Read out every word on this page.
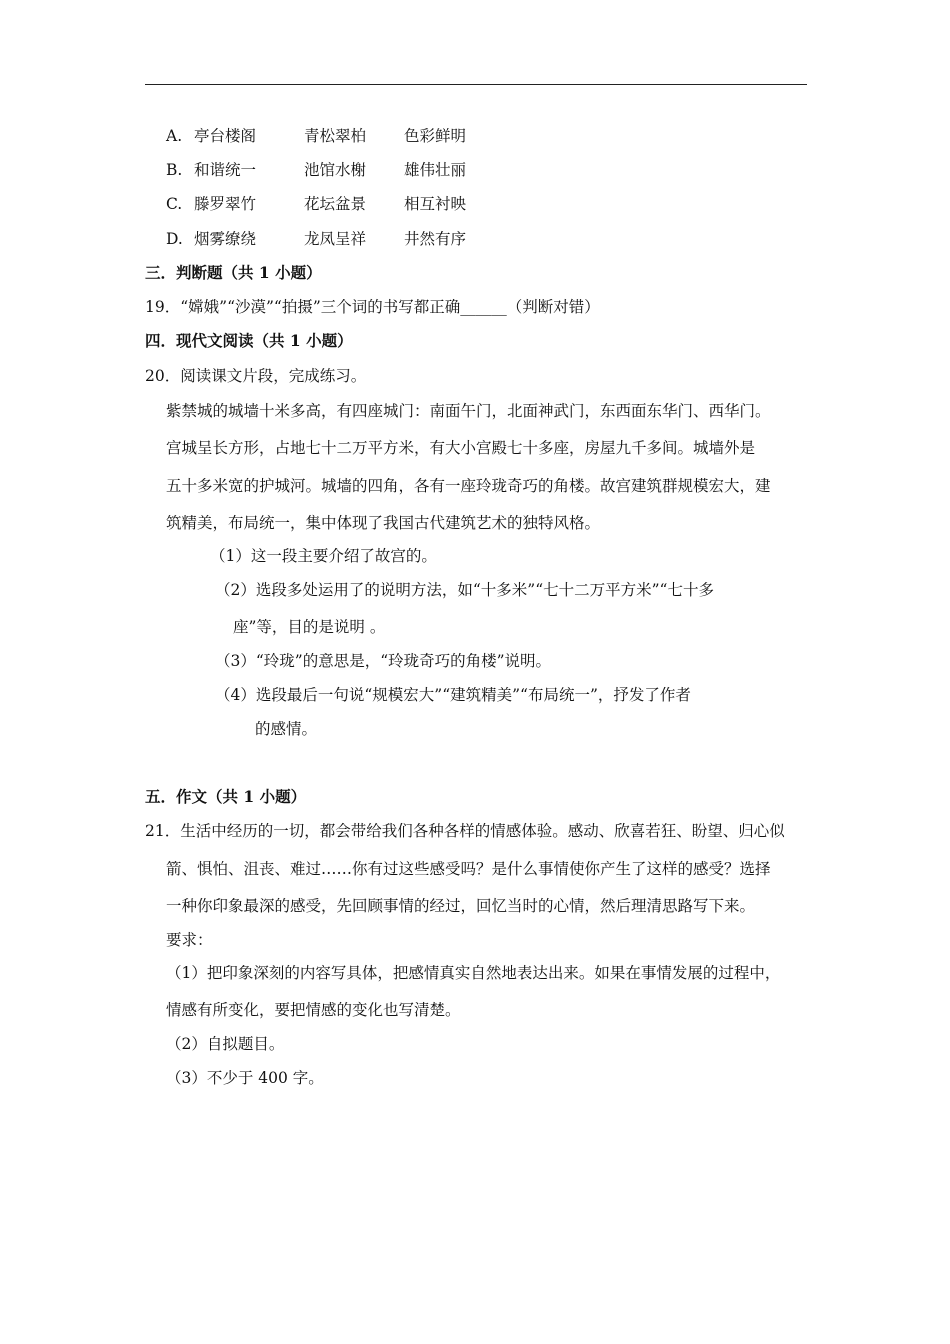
A. 亭台楼阁	青松翠柏 色彩鲜明
B. 和谐统一	池馆水榭 雄伟壮丽
C. 滕罗翠竹	花坛盆景 相互衬映
D. 烟雾缭绕	龙凤呈祥 井然有序
三．判断题（共 1 小题）
19．“嫦娥”“沙漠”“拍摄”三个词的书写都正确______（判断对错）
四．现代文阅读（共 1 小题）
20．阅读课文片段，完成练习。
紫禁城的城墙十米多高，有四座城门：南面午门，北面神武门，东西面东华门、西华门。
宫城呈长方形，占地七十二万平方米，有大小宫殿七十多座，房屋九千多间。城墙外是
五十多米宽的护城河。城墙的四角，各有一座玲珑奇巧的角楼。故宫建筑群规模宏大，建
筑精美，布局统一，集中体现了我国古代建筑艺术的独特风格。
（1）这一段主要介绍了故宫的。
（2）选段多处运用了的说明方法，如“十多米”“七十二万平方米”“七十多
座”等，目的是说明 。
（3）“玲珑”的意思是，“玲珑奇巧的角楼”说明。
（4）选段最后一句说“规模宏大”“建筑精美”“布局统一”，抒发了作者
的感情。
五．作文（共 1 小题）
21．生活中经历的一切，都会带给我们各种各样的情感体验。感动、欣喜若狂、盼望、归心似
箭、惧怕、沮丧、难过……你有过这些感受吗？是什么事情使你产生了这样的感受？选择
一种你印象最深的感受，先回顾事情的经过，回忆当时的心情，然后理清思路写下来。
要求：
（1）把印象深刻的内容写具体，把感情真实自然地表达出来。如果在事情发展的过程中，
情感有所变化，要把情感的变化也写清楚。
（2）自拟题目。
（3）不少于 400 字。
